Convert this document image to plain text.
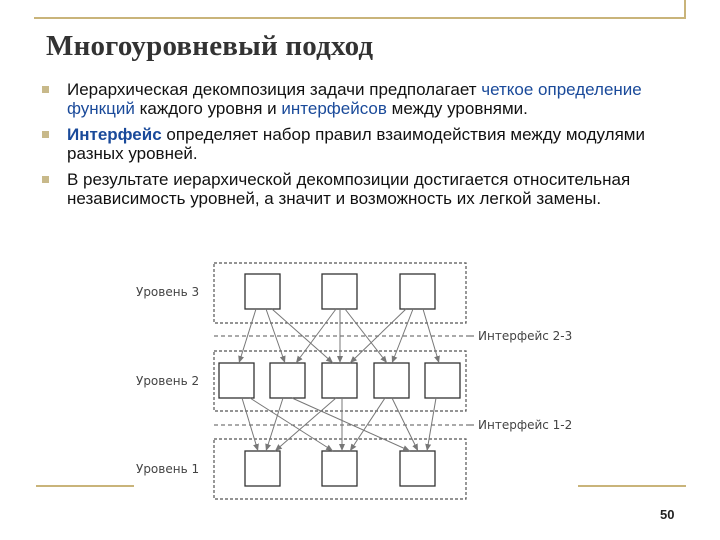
Многоуровневый подход
Иерархическая декомпозиция задачи предполагает четкое определение функций каждого уровня и интерфейсов между уровнями.
Интерфейс определяет набор правил взаимодействия между модулями разных уровней.
В результате иерархической декомпозиции достигается относительная независимость уровней, а значит и возможность их легкой замены.
Уровень 3
Уровень 2
Уровень 1
Интерфейс 2-3
Интерфейс 1-2
50
